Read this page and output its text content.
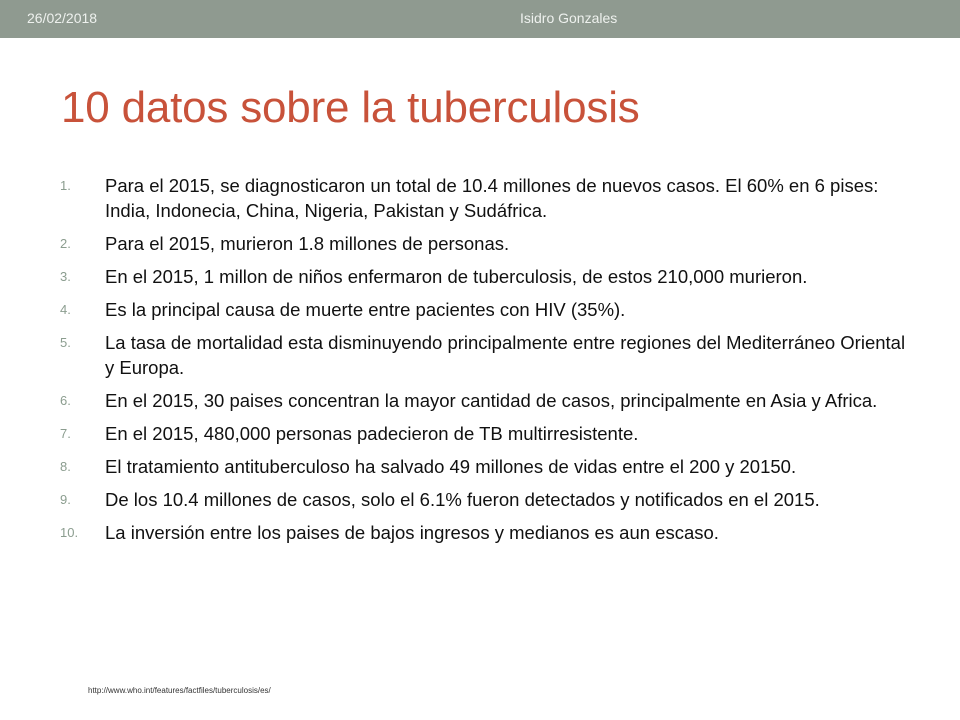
26/02/2018	Isidro Gonzales
10 datos sobre la tuberculosis
1. Para el 2015, se diagnosticaron un total de 10.4 millones de nuevos casos. El 60% en 6 pises: India, Indonecia, China, Nigeria, Pakistan y Sudáfrica.
2. Para el 2015, murieron 1.8 millones de personas.
3. En el 2015, 1 millon de niños enfermaron de tuberculosis, de estos 210,000 murieron.
4. Es la principal causa de muerte entre pacientes con HIV (35%).
5. La tasa de mortalidad esta disminuyendo principalmente entre regiones del Mediterráneo Oriental y Europa.
6. En el 2015, 30 paises concentran la mayor cantidad de casos, principalmente en Asia y Africa.
7. En el 2015, 480,000 personas padecieron de TB multirresistente.
8. El tratamiento antituberculoso ha salvado 49 millones de vidas entre el 200 y 20150.
9. De los 10.4 millones de casos, solo el 6.1% fueron detectados y notificados en el 2015.
10. La inversión entre los paises de bajos ingresos y medianos es aun escaso.
http://www.who.int/features/factfiles/tuberculosis/es/
